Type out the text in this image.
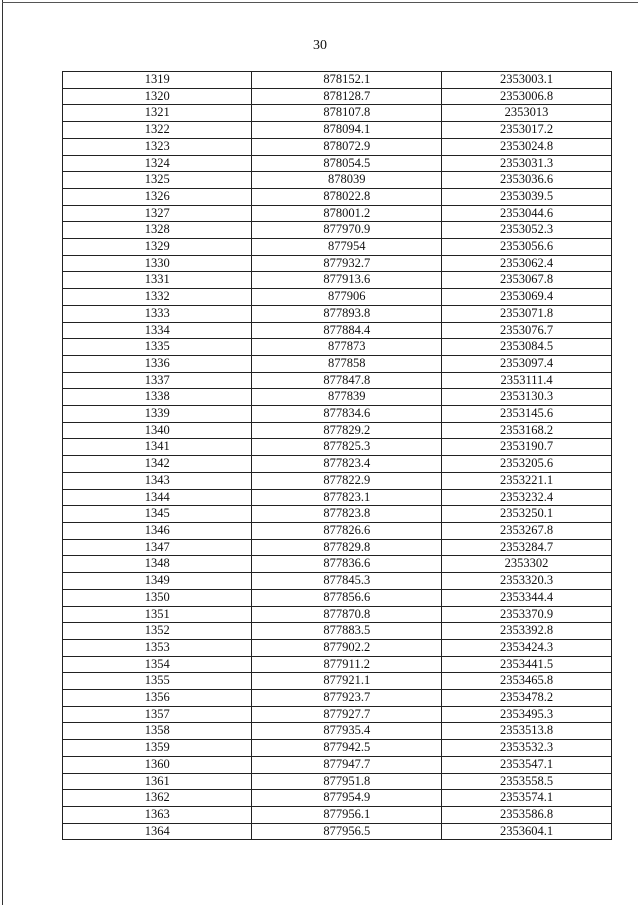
30
1319	878152.1	2353003.1
1320	878128.7	2353006.8
1321	878107.8	2353013
1322	878094.1	2353017.2
1323	878072.9	2353024.8
1324	878054.5	2353031.3
1325	878039	2353036.6
1326	878022.8	2353039.5
1327	878001.2	2353044.6
1328	877970.9	2353052.3
1329	877954	2353056.6
1330	877932.7	2353062.4
1331	877913.6	2353067.8
1332	877906	2353069.4
1333	877893.8	2353071.8
1334	877884.4	2353076.7
1335	877873	2353084.5
1336	877858	2353097.4
1337	877847.8	2353111.4
1338	877839	2353130.3
1339	877834.6	2353145.6
1340	877829.2	2353168.2
1341	877825.3	2353190.7
1342	877823.4	2353205.6
1343	877822.9	2353221.1
1344	877823.1	2353232.4
1345	877823.8	2353250.1
1346	877826.6	2353267.8
1347	877829.8	2353284.7
1348	877836.6	2353302
1349	877845.3	2353320.3
1350	877856.6	2353344.4
1351	877870.8	2353370.9
1352	877883.5	2353392.8
1353	877902.2	2353424.3
1354	877911.2	2353441.5
1355	877921.1	2353465.8
1356	877923.7	2353478.2
1357	877927.7	2353495.3
1358	877935.4	2353513.8
1359	877942.5	2353532.3
1360	877947.7	2353547.1
1361	877951.8	2353558.5
1362	877954.9	2353574.1
1363	877956.1	2353586.8
1364	877956.5	2353604.1
